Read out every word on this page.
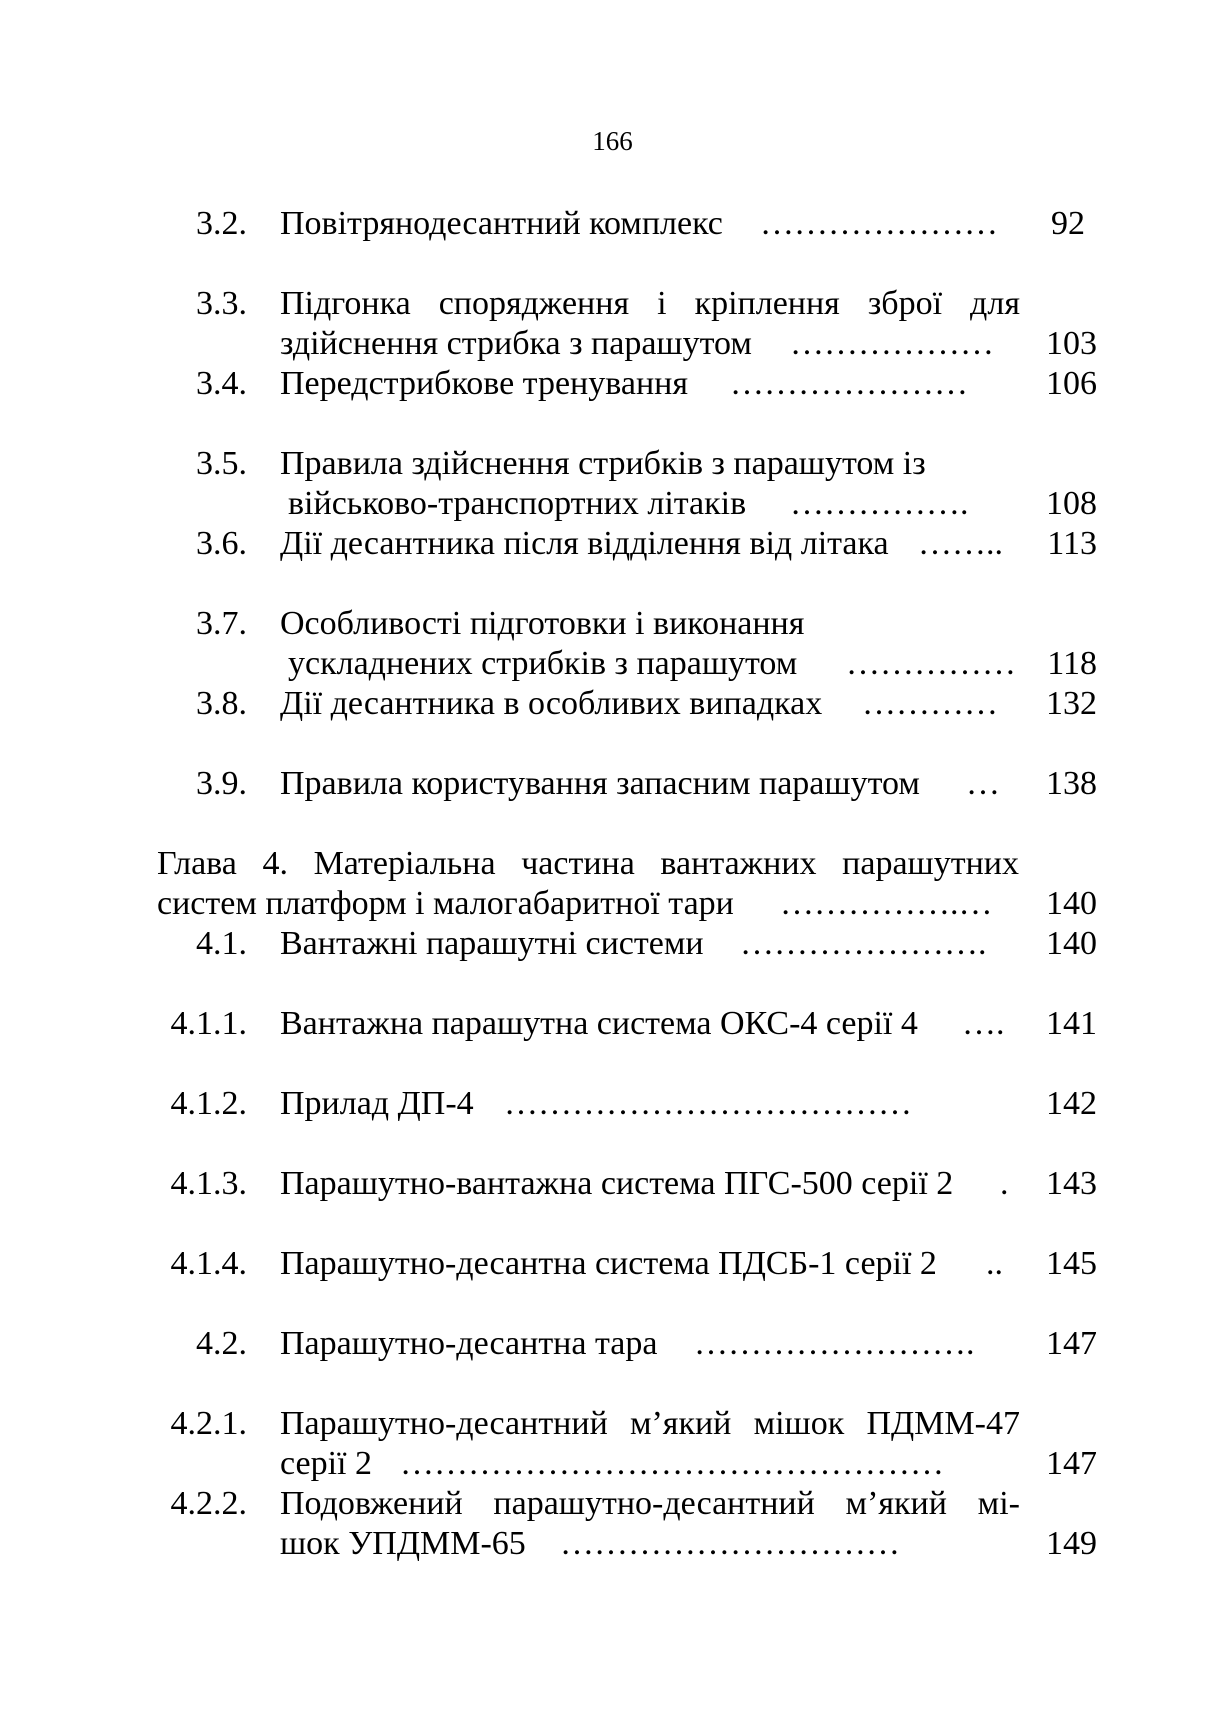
166
3.2. Повітрянодесантний комплекс …………………	92
3.3. Підгонка спорядження і кріплення зброї для
здійснення стрибка з парашутом ………………	103
3.4. Передстрибкове тренування …………………	106
3.5. Правила здійснення стрибків з парашутом із
військово-транспортних літаків …………….	108
3.6. Дії десантника після відділення від літака ……..	113
3.7. Особливості підготовки і виконання
ускладнених стрибків з парашутом …………… 118
3.8. Дії десантника в особливих випадках …………	132
3.9. Правила користування запасним парашутом …	138
Глава 4. Матеріальна частина вантажних парашутних
систем платформ і малогабаритної тари …………….…	140
4.1. Вантажні парашутні системи ………………….	140
4.1.1. Вантажна парашутна система ОКС-4 серії 4 ….	141
4.1.2. Прилад ДП-4 ………………………………	142
4.1.3. Парашутно-вантажна система ПГС-500 серії 2 .	143
4.1.4. Парашутно-десантна система ПДСБ-1 серії 2 ..	145
4.2. Парашутно-десантна тара …………………….	147
4.2.1. Парашутно-десантний м’який мішок ПДММ-47
серії 2 …………………………………………	147
4.2.2. Подовжений парашутно-десантний м’який мі-
шок УПДММ-65 …………………………	149
